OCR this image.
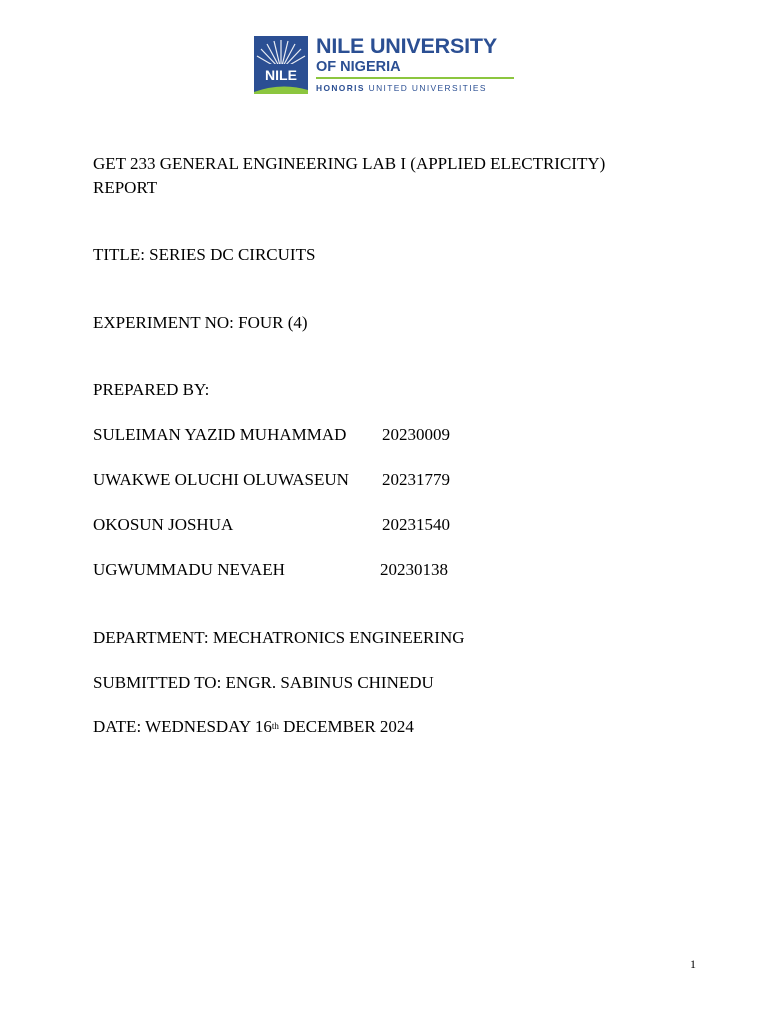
NILE
NILE UNIVERSITY
OF NIGERIA
HONORIS UNITED UNIVERSITIES
GET 233 GENERAL ENGINEERING LAB I (APPLIED ELECTRICITY)
REPORT
TITLE: SERIES DC CIRCUITS
EXPERIMENT NO: FOUR (4)
PREPARED BY:
SULEIMAN YAZID MUHAMMAD 20230009
UWAKWE OLUCHI OLUWASEUN 20231779
OKOSUN JOSHUA	20231540
UGWUMMADU NEVAEH	20230138
DEPARTMENT: MECHATRONICS ENGINEERING
SUBMITTED TO: ENGR. SABINUS CHINEDU
DATE: WEDNESDAY 16th DECEMBER 2024
1
